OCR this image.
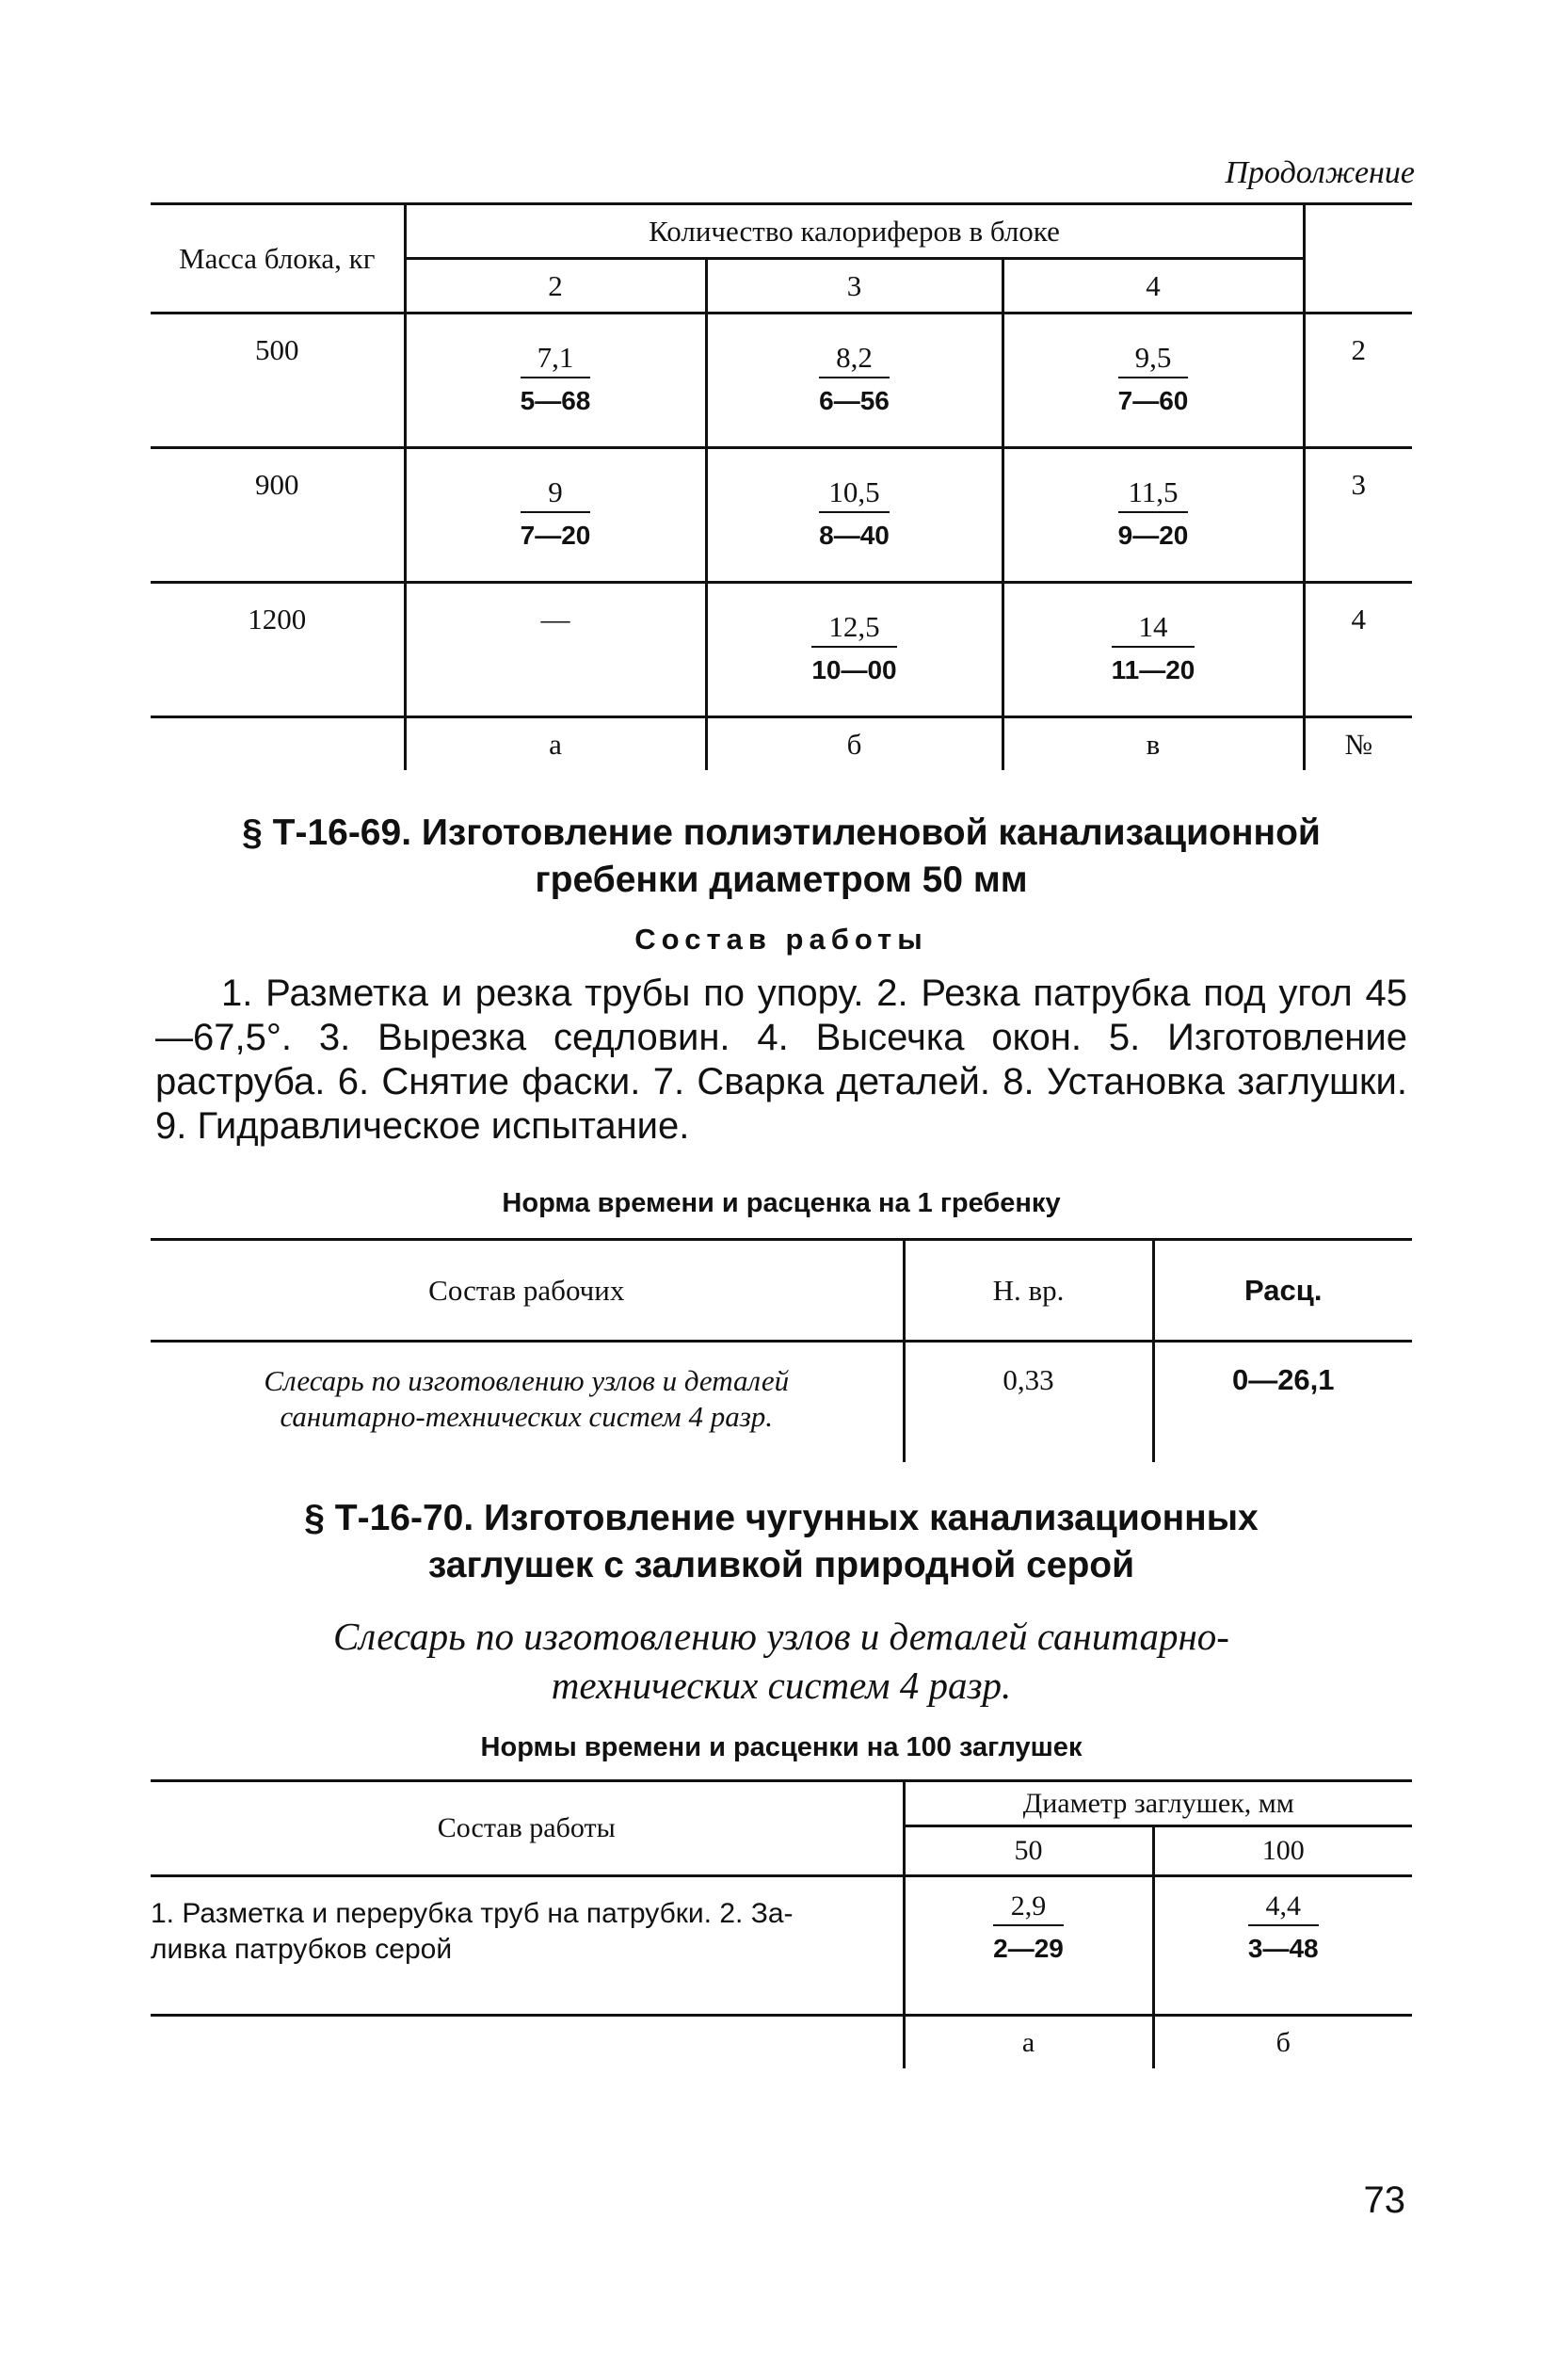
Продолжение
Масса блока, кг	Количество калориферов в блоке			
	2	3	4	
500	$\frac{7,1}{5—68}$	$\frac{8,2}{6—56}$	$\frac{9,5}{7—60}$	2
900	$\frac{9}{7—20}$	$\frac{10,5}{8—40}$	$\frac{11,5}{9—20}$	3
1200	—	$\frac{12,5}{10—00}$	$\frac{14}{11—20}$	4
	а	б	в	№
§ Т-16-69. Изготовление полиэтиленовой канализационной
гребенки диаметром 50 мм
Состав работы
1. Разметка и резка трубы по упору. 2. Резка патрубка под угол 45—67,5°. 3. Вырезка седловин. 4. Высечка окон. 5. Изготовление раструба. 6. Снятие фаски. 7. Сварка деталей. 8. Установка заглушки. 9. Гидравлическое испытание.
Норма времени и расценка на 1 гребенку
Состав рабочих	Н. вр.	Расц.
Слесарь по изготовлению узлов и деталей
санитарно-технических систем 4 разр.	0,33	0—26,1
§ Т-16-70. Изготовление чугунных канализационных
заглушек с заливкой природной серой
Слесарь по изготовлению узлов и деталей санитарно-
технических систем 4 разр.
Нормы времени и расценки на 100 заглушек
Состав работы	Диаметр заглушек, мм	
	50	100
1. Разметка и перерубка труб на патрубки. 2. За-
ливка патрубков серой	$\frac{2,9}{2—29}$	$\frac{4,4}{3—48}$

	а	б
73
